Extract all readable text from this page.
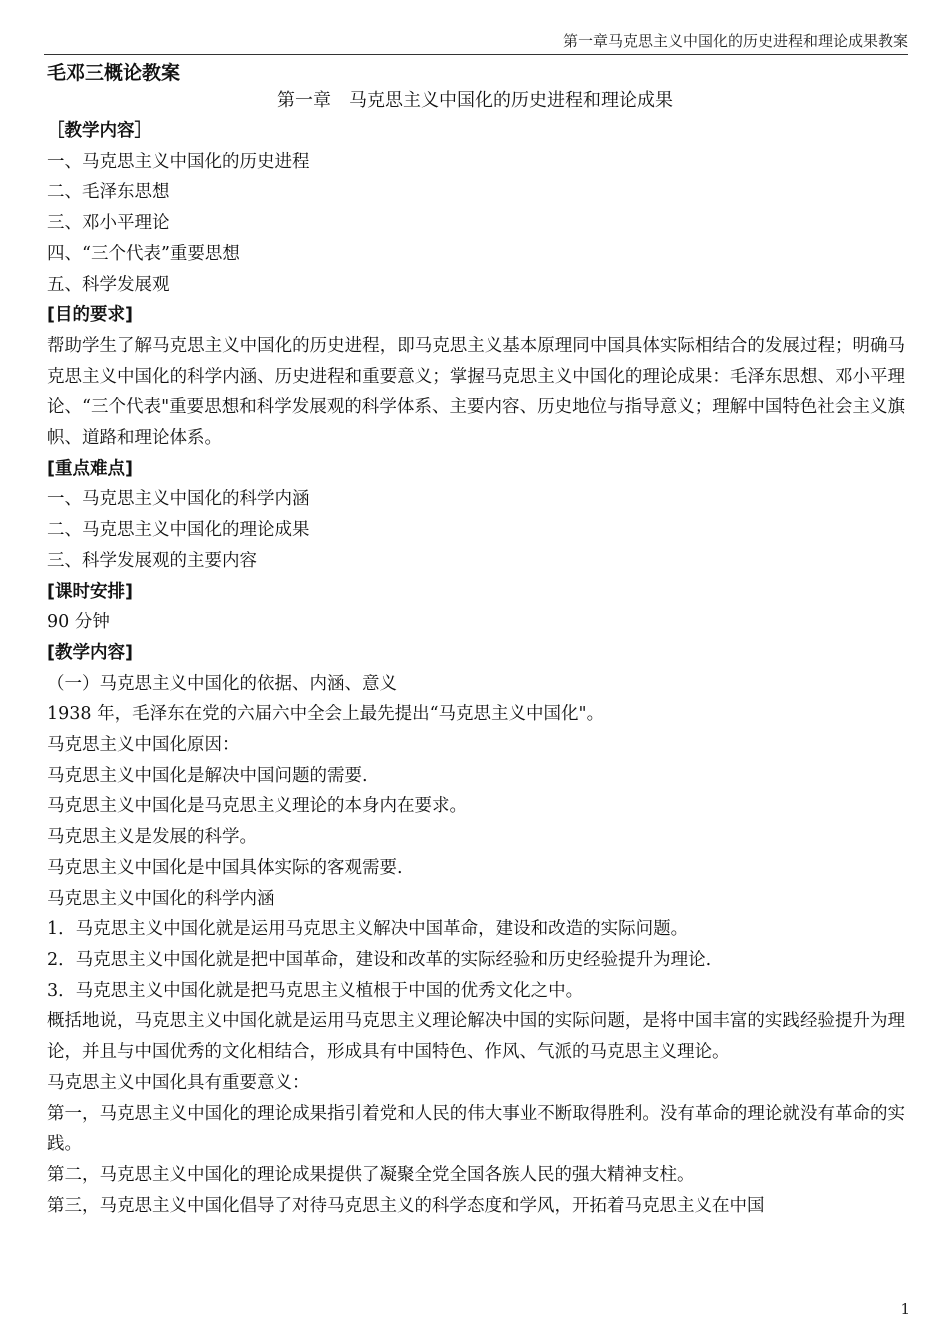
第一章马克思主义中国化的历史进程和理论成果教案
毛邓三概论教案
第一章　马克思主义中国化的历史进程和理论成果

［教学内容］

一、马克思主义中国化的历史进程

二、毛泽东思想

三、邓小平理论

四、“三个代表”重要思想

五、科学发展观

[目的要求]

帮助学生了解马克思主义中国化的历史进程，即马克思主义基本原理同中国具体实际相结合的发展过程；明确马克思主义中国化的科学内涵、历史进程和重要意义；掌握马克思主义中国化的理论成果：毛泽东思想、邓小平理论、“三个代表"重要思想和科学发展观的科学体系、主要内容、历史地位与指导意义；理解中国特色社会主义旗帜、道路和理论体系。

[重点难点]

一、马克思主义中国化的科学内涵

二、马克思主义中国化的理论成果

三、科学发展观的主要内容

[课时安排]

90 分钟

[教学内容]

（一）马克思主义中国化的依据、内涵、意义

1938 年，毛泽东在党的六届六中全会上最先提出“马克思主义中国化"。

马克思主义中国化原因：

马克思主义中国化是解决中国问题的需要.

马克思主义中国化是马克思主义理论的本身内在要求。

马克思主义是发展的科学。

马克思主义中国化是中国具体实际的客观需要.

马克思主义中国化的科学内涵

1．马克思主义中国化就是运用马克思主义解决中国革命，建设和改造的实际问题。

2．马克思主义中国化就是把中国革命，建设和改革的实际经验和历史经验提升为理论.

3．马克思主义中国化就是把马克思主义植根于中国的优秀文化之中。

概括地说，马克思主义中国化就是运用马克思主义理论解决中国的实际问题，是将中国丰富的实践经验提升为理论，并且与中国优秀的文化相结合，形成具有中国特色、作风、气派的马克思主义理论。

马克思主义中国化具有重要意义：

第一，马克思主义中国化的理论成果指引着党和人民的伟大事业不断取得胜利。没有革命的理论就没有革命的实践。

第二，马克思主义中国化的理论成果提供了凝聚全党全国各族人民的强大精神支柱。

第三，马克思主义中国化倡导了对待马克思主义的科学态度和学风，开拓着马克思主义在中国

1
